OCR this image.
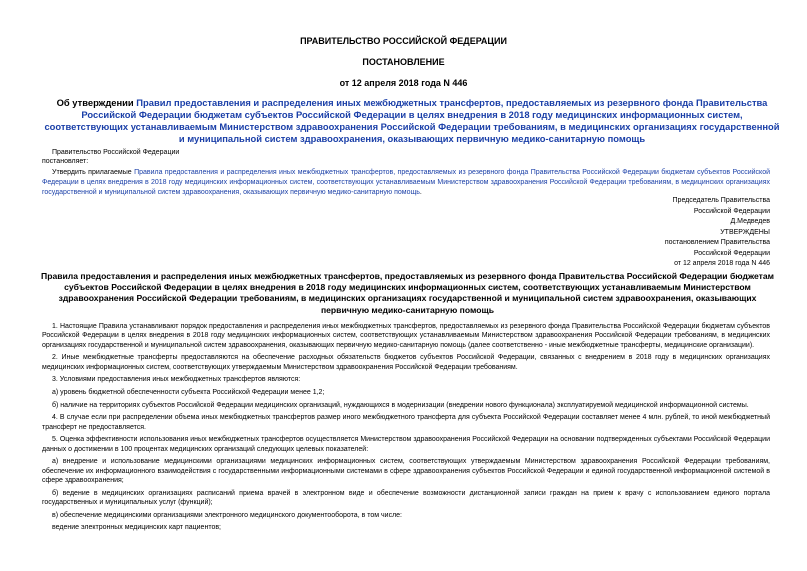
ПРАВИТЕЛЬСТВО РОССИЙСКОЙ ФЕДЕРАЦИИ
ПОСТАНОВЛЕНИЕ
от 12 апреля 2018 года N 446
Об утверждении Правил предоставления и распределения иных межбюджетных трансфертов, предоставляемых из резервного фонда Правительства Российской Федерации бюджетам субъектов Российской Федерации в целях внедрения в 2018 году медицинских информационных систем, соответствующих устанавливаемым Министерством здравоохранения Российской Федерации требованиям, в медицинских организациях государственной и муниципальной систем здравоохранения, оказывающих первичную медико-санитарную помощь
Правительство Российской Федерации
постановляет:
Утвердить прилагаемые Правила предоставления и распределения иных межбюджетных трансфертов, предоставляемых из резервного фонда Правительства Российской Федерации бюджетам субъектов Российской Федерации в целях внедрения в 2018 году медицинских информационных систем, соответствующих устанавливаемым Министерством здравоохранения Российской Федерации требованиям, в медицинских организациях государственной и муниципальной систем здравоохранения, оказывающих первичную медико-санитарную помощь.
Председатель Правительства
Российской Федерации
Д.Медведев
УТВЕРЖДЕНЫ
постановлением Правительства
Российской Федерации
от 12 апреля 2018 года N 446
Правила предоставления и распределения иных межбюджетных трансфертов, предоставляемых из резервного фонда Правительства Российской Федерации бюджетам субъектов Российской Федерации в целях внедрения в 2018 году медицинских информационных систем, соответствующих устанавливаемым Министерством здравоохранения Российской Федерации требованиям, в медицинских организациях государственной и муниципальной систем здравоохранения, оказывающих первичную медико-санитарную помощь

1. Настоящие Правила устанавливают порядок предоставления и распределения иных межбюджетных трансфертов, предоставляемых из резервного фонда Правительства Российской Федерации бюджетам субъектов Российской Федерации в целях внедрения в 2018 году медицинских информационных систем, соответствующих устанавливаемым Министерством здравоохранения Российской Федерации требованиям, в медицинских организациях государственной и муниципальной систем здравоохранения, оказывающих первичную медико-санитарную помощь (далее соответственно - иные межбюджетные трансферты, медицинские организации).

2. Иные межбюджетные трансферты предоставляются на обеспечение расходных обязательств бюджетов субъектов Российской Федерации, связанных с внедрением в 2018 году в медицинских организациях медицинских информационных систем, соответствующих утверждаемым Министерством здравоохранения Российской Федерации требованиям.

3. Условиями предоставления иных межбюджетных трансфертов являются:

а) уровень бюджетной обеспеченности субъекта Российской Федерации менее 1,2;

б) наличие на территориях субъектов Российской Федерации медицинских организаций, нуждающихся в модернизации (внедрении нового функционала) эксплуатируемой медицинской информационной системы.

4. В случае если при распределении объема иных межбюджетных трансфертов размер иного межбюджетного трансферта для субъекта Российской Федерации составляет менее 4 млн. рублей, то иной межбюджетный трансферт не предоставляется.

5. Оценка эффективности использования иных межбюджетных трансфертов осуществляется Министерством здравоохранения Российской Федерации на основании подтвержденных субъектами Российской Федерации данных о достижении в 100 процентах медицинских организаций следующих целевых показателей:

а) внедрение и использование медицинскими организациями медицинских информационных систем, соответствующих утверждаемым Министерством здравоохранения Российской Федерации требованиям, обеспечение их информационного взаимодействия с государственными информационными системами в сфере здравоохранения субъектов Российской Федерации и единой государственной информационной системой в сфере здравоохранения;

б) ведение в медицинских организациях расписаний приема врачей в электронном виде и обеспечение возможности дистанционной записи граждан на прием к врачу с использованием единого портала государственных и муниципальных услуг (функций);

в) обеспечение медицинскими организациями электронного медицинского документооборота, в том числе:

ведение электронных медицинских карт пациентов;
